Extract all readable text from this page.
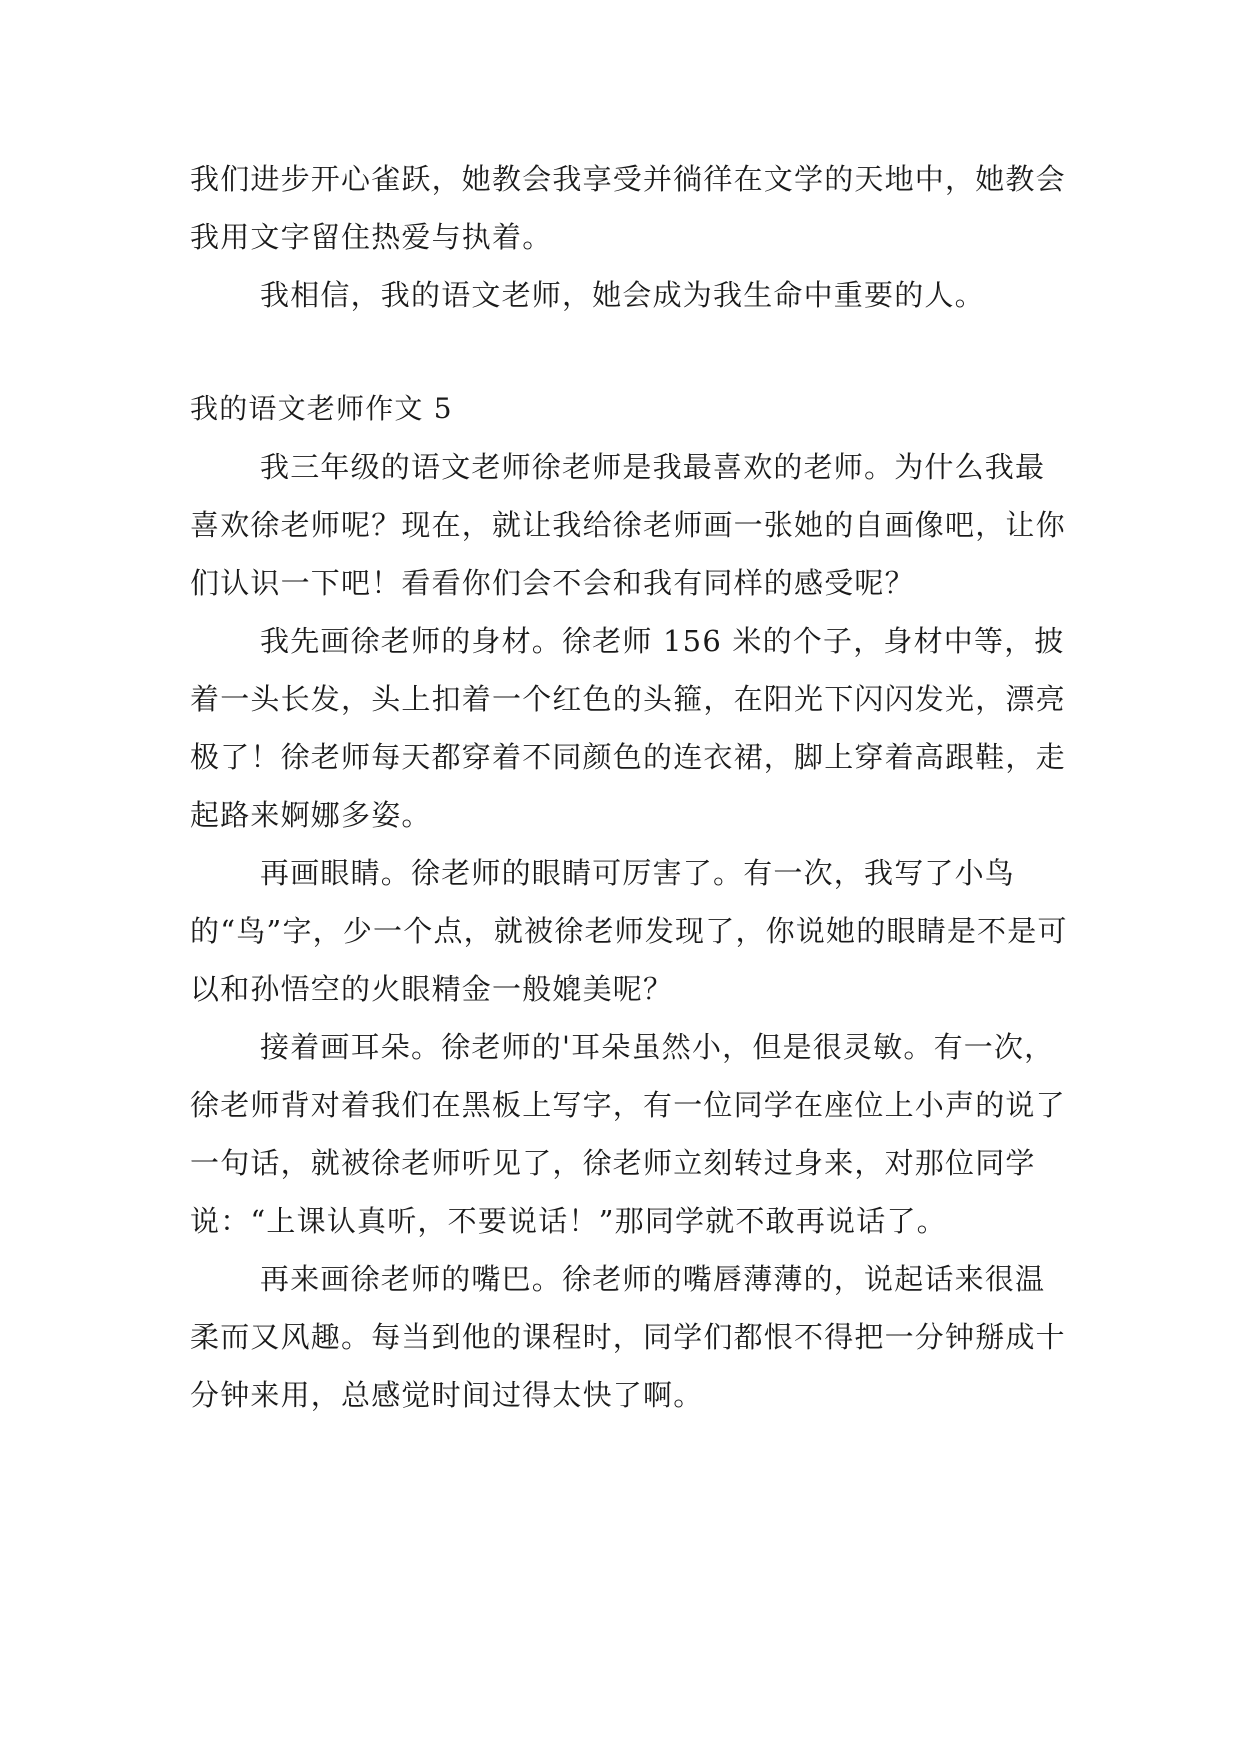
我们进步开心雀跃，她教会我享受并徜徉在文学的天地中，她教会我用文字留住热爱与执着。

我相信，我的语文老师，她会成为我生命中重要的人。

我的语文老师作文 5

我三年级的语文老师徐老师是我最喜欢的老师。为什么我最喜欢徐老师呢？现在，就让我给徐老师画一张她的自画像吧，让你们认识一下吧！看看你们会不会和我有同样的感受呢？

我先画徐老师的身材。徐老师 156 米的个子，身材中等，披着一头长发，头上扣着一个红色的头箍，在阳光下闪闪发光，漂亮极了！徐老师每天都穿着不同颜色的连衣裙，脚上穿着高跟鞋，走起路来婀娜多姿。

再画眼睛。徐老师的眼睛可厉害了。有一次，我写了小鸟的“鸟”字，少一个点，就被徐老师发现了，你说她的眼睛是不是可以和孙悟空的火眼精金一般媲美呢？

接着画耳朵。徐老师的'耳朵虽然小，但是很灵敏。有一次，徐老师背对着我们在黑板上写字，有一位同学在座位上小声的说了一句话，就被徐老师听见了，徐老师立刻转过身来，对那位同学说：“上课认真听，不要说话！”那同学就不敢再说话了。

再来画徐老师的嘴巴。徐老师的嘴唇薄薄的，说起话来很温柔而又风趣。每当到他的课程时，同学们都恨不得把一分钟掰成十分钟来用，总感觉时间过得太快了啊。
